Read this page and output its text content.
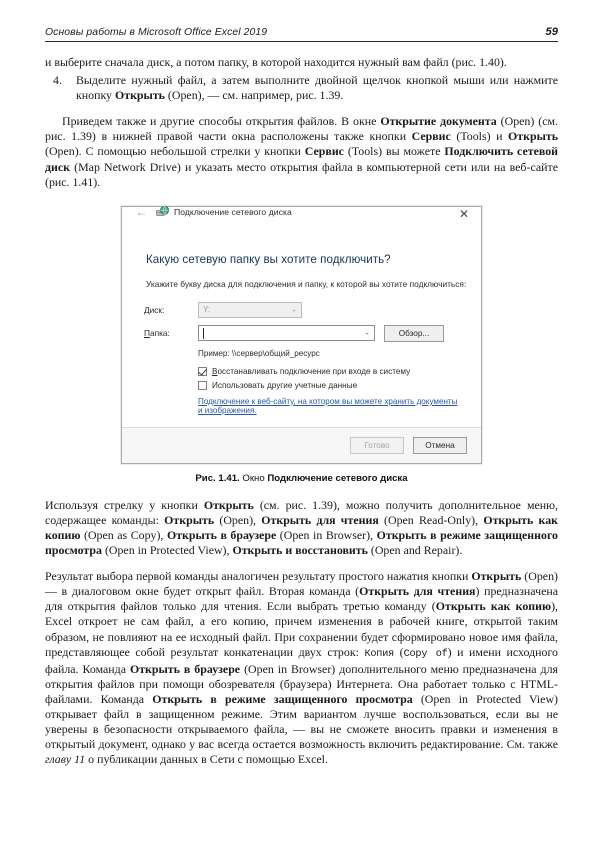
Основы работы в Microsoft Office Excel 2019	59

и выберите сначала диск, а потом папку, в которой находится нужный вам файл (рис. 1.40).

4. Выделите нужный файл, а затем выполните двойной щелчок кнопкой мыши или нажмите кнопку Открыть (Open), — см. например, рис. 1.39.

Приведем также и другие способы открытия файлов. В окне Открытие документа (Open) (см. рис. 1.39) в нижней правой части окна расположены также кнопки Сервис (Tools) и Открыть (Open). С помощью небольшой стрелки у кнопки Сервис (Tools) вы можете Подключить сетевой диск (Map Network Drive) и указать место открытия файла в компьютерной сети или на веб-сайте (рис. 1.41).

✕
←	Подключение сетевого диска
Какую сетевую папку вы хотите подключить?
Укажите букву диска для подключения и папку, к которой вы хотите подключиться:
Диск:	Y:	⌄
Папка:	⌄	Обзор...
Пример: \\сервер\общий_ресурс
Восстанавливать подключение при входе в систему
Использовать другие учетные данные
Подключение к веб-сайту, на котором вы можете хранить документы и изображения.
Готово	Отмена
Рис. 1.41. Окно Подключение сетевого диска

Используя стрелку у кнопки Открыть (см. рис. 1.39), можно получить дополнительное меню, содержащее команды: Открыть (Open), Открыть для чтения (Open Read-Only), Открыть как копию (Open as Copy), Открыть в браузере (Open in Browser), Открыть в режиме защищенного просмотра (Open in Protected View), Открыть и восстановить (Open and Repair).

Результат выбора первой команды аналогичен результату простого нажатия кнопки Открыть (Open) — в диалоговом окне будет открыт файл. Вторая команда (Открыть для чтения) предназначена для открытия файлов только для чтения. Если выбрать третью команду (Открыть как копию), Excel откроет не сам файл, а его копию, причем изменения в рабочей книге, открытой таким образом, не повлияют на ее исходный файл. При сохранении будет сформировано новое имя файла, представляющее собой результат конкатенации двух строк: Копия (Copy of) и имени исходного файла. Команда Открыть в браузере (Open in Browser) дополнительного меню предназначена для открытия файлов при помощи обозревателя (браузера) Интернета. Она работает только с HTML-файлами. Команда Открыть в режиме защищенного просмотра (Open in Protected View) открывает файл в защищенном режиме. Этим вариантом лучше воспользоваться, если вы не уверены в безопасности открываемого файла, — вы не сможете вносить правки и изменения в открытый документ, однако у вас всегда остается возможность включить редактирование. См. также главу 11 о публикации данных в Сети с помощью Excel.
